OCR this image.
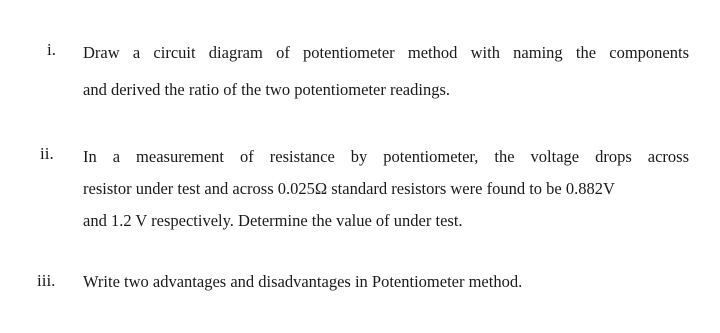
i. Draw a circuit diagram of potentiometer method with naming the components
and derived the ratio of the two potentiometer readings.
ii. In a measurement of resistance by potentiometer, the voltage drops across
resistor under test and across 0.025Ω standard resistors were found to be 0.882V
and 1.2 V respectively. Determine the value of under test.
iii. Write two advantages and disadvantages in Potentiometer method.
